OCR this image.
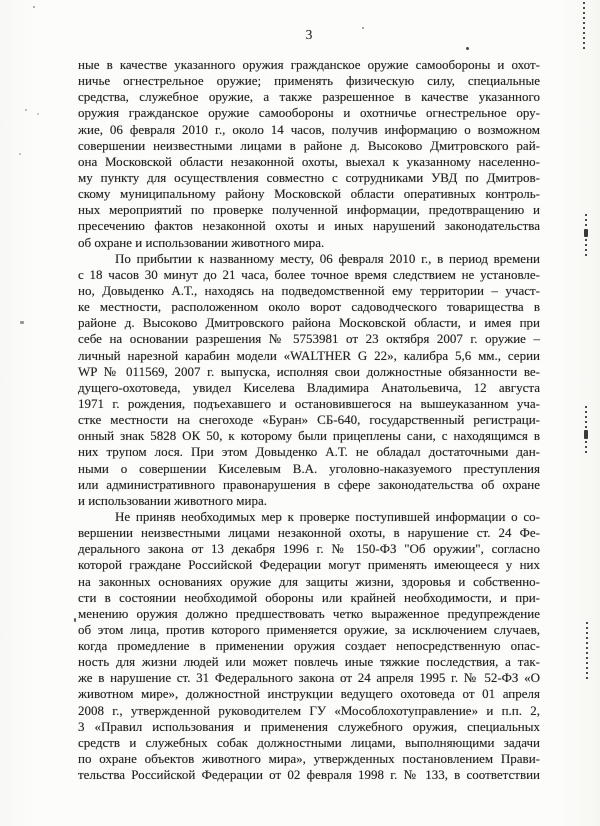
3
ные в качестве указанного оружия гражданское оружие самообороны и охот-
ничье огнестрельное оружие; применять физическую силу, специальные
средства, служебное оружие, а также разрешенное в качестве указанного
оружия гражданское оружие самообороны и охотничье огнестрельное ору-
жие, 06 февраля 2010 г., около 14 часов, получив информацию о возможном
совершении неизвестными лицами в районе д. Высоково Дмитровского рай-
она Московской области незаконной охоты, выехал к указанному населенно-
му пункту для осуществления совместно с сотрудниками УВД по Дмитров-
скому муниципальному району Московской области оперативных контроль-
ных мероприятий по проверке полученной информации, предотвращению и
пресечению фактов незаконной охоты и иных нарушений законодательства
об охране и использовании животного мира.
По прибытии к названному месту, 06 февраля 2010 г., в период времени
с 18 часов 30 минут до 21 часа, более точное время следствием не установле-
но, Довыденко А.Т., находясь на подведомственной ему территории – участ-
ке местности, расположенном около ворот садоводческого товарищества в
районе д. Высоково Дмитровского района Московской области, и имея при
себе на основании разрешения № 5753981 от 23 октября 2007 г. оружие –
личный нарезной карабин модели «WALTHER G 22», калибра 5,6 мм., серии
WP № 011569, 2007 г. выпуска, исполняя свои должностные обязанности ве-
дущего-охотоведа, увидел Киселева Владимира Анатольевича, 12 августа
1971 г. рождения, подъехавшего и остановившегося на вышеуказанном уча-
стке местности на снегоходе «Буран» СБ-640, государственный регистраци-
онный знак 5828 ОК 50, к которому были прицеплены сани, с находящимся в
них трупом лося. При этом Довыденко А.Т. не обладал достаточными дан-
ными о совершении Киселевым В.А. уголовно-наказуемого преступления
или административного правонарушения в сфере законодательства об охране
и использовании животного мира.
Не приняв необходимых мер к проверке поступившей информации о со-
вершении неизвестными лицами незаконной охоты, в нарушение ст. 24 Фе-
дерального закона от 13 декабря 1996 г. № 150-ФЗ "Об оружии", согласно
которой граждане Российской Федерации могут применять имеющееся у них
на законных основаниях оружие для защиты жизни, здоровья и собственно-
сти в состоянии необходимой обороны или крайней необходимости, и при-
менению оружия должно предшествовать четко выраженное предупреждение
об этом лица, против которого применяется оружие, за исключением случаев,
когда промедление в применении оружия создает непосредственную опас-
ность для жизни людей или может повлечь иные тяжкие последствия, а так-
же в нарушение ст. 31 Федерального закона от 24 апреля 1995 г. № 52-ФЗ «О
животном мире», должностной инструкции ведущего охотоведа от 01 апреля
2008 г., утвержденной руководителем ГУ «Мособлохотуправление» и п.п. 2,
3 «Правил использования и применения служебного оружия, специальных
средств и служебных собак должностными лицами, выполняющими задачи
по охране объектов животного мира», утвержденных постановлением Прави-
тельства Российской Федерации от 02 февраля 1998 г. № 133, в соответствии
